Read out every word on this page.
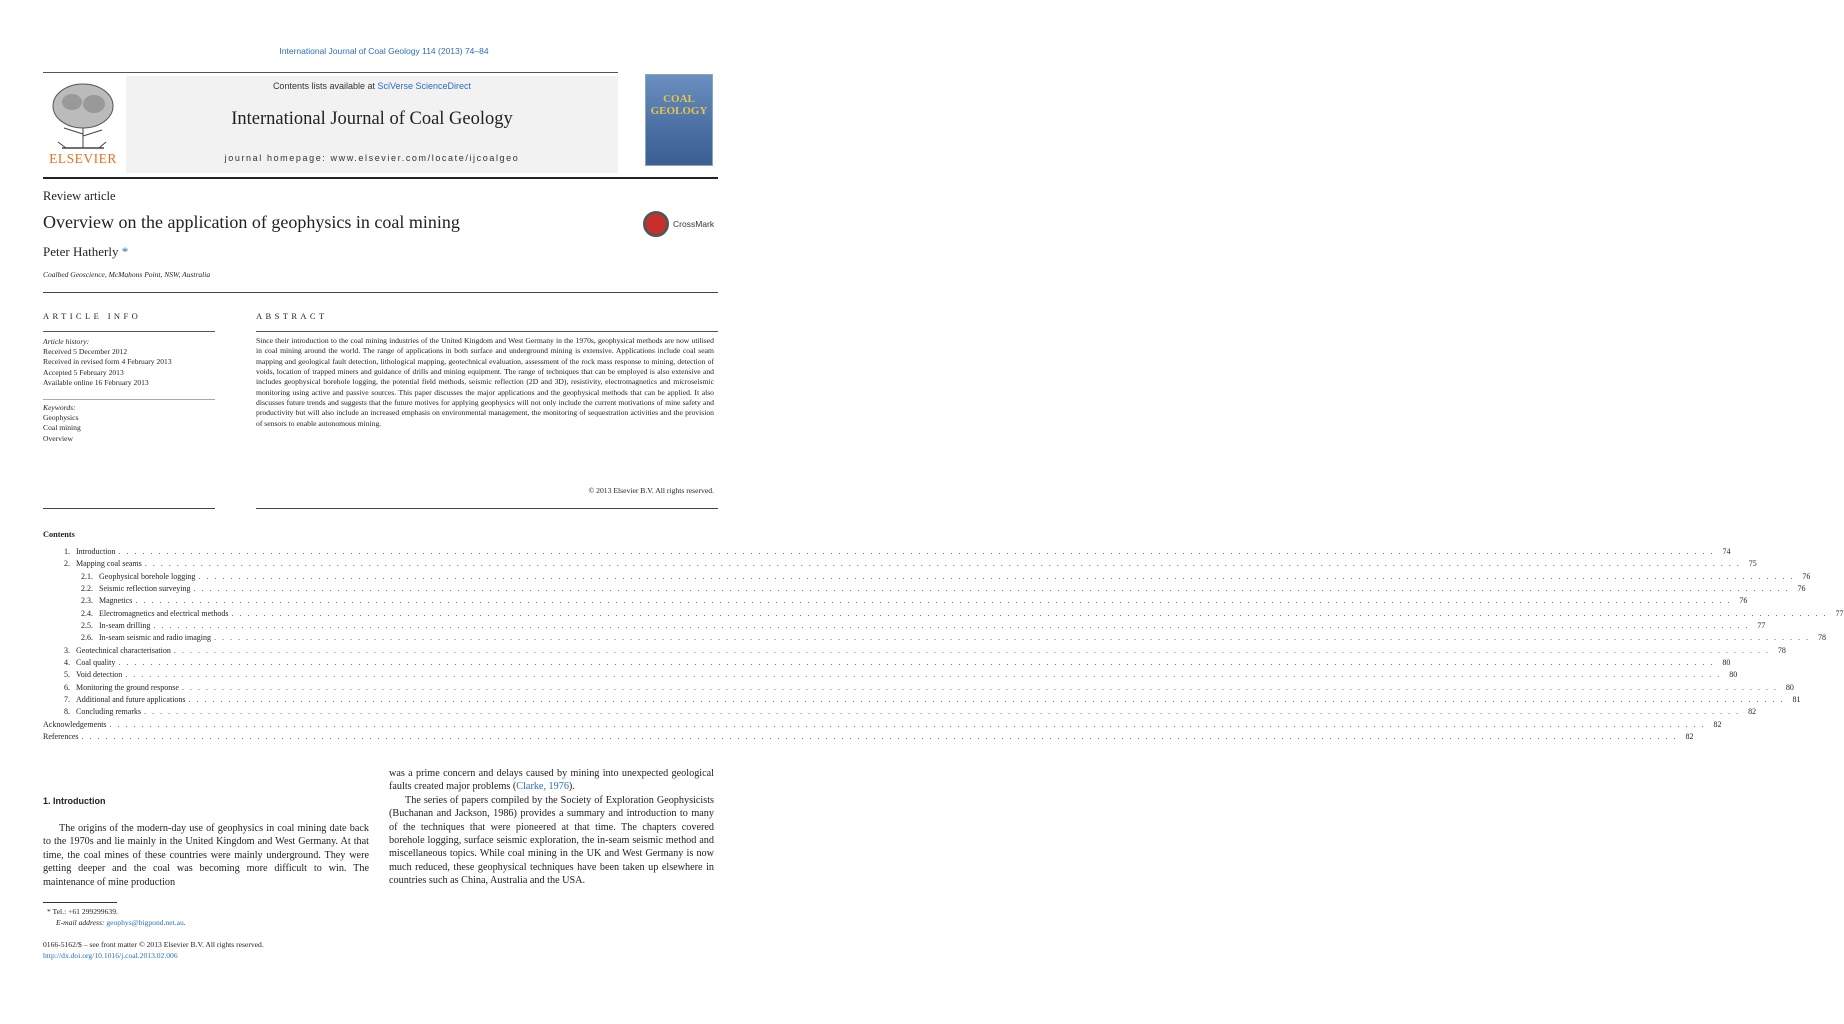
International Journal of Coal Geology 114 (2013) 74–84
Contents lists available at SciVerse ScienceDirect
International Journal of Coal Geology
journal homepage: www.elsevier.com/locate/ijcoalgeo
ELSEVIER
COAL GEOLOGY
Review article
Overview on the application of geophysics in coal mining
Peter Hatherly *
Coalbed Geoscience, McMahons Point, NSW, Australia
CrossMark
ARTICLE INFO	ABSTRACT
Article history:
Received 5 December 2012
Received in revised form 4 February 2013
Accepted 5 February 2013
Available online 16 February 2013
Keywords:
Geophysics
Coal mining
Overview
Since their introduction to the coal mining industries of the United Kingdom and West Germany in the 1970s, geophysical methods are now utilised in coal mining around the world. The range of applications in both surface and underground mining is extensive. Applications include coal seam mapping and geological fault detection, lithological mapping, geotechnical evaluation, assessment of the rock mass response to mining, detection of voids, location of trapped miners and guidance of drills and mining equipment. The range of techniques that can be employed is also extensive and includes geophysical borehole logging, the potential field methods, seismic reflection (2D and 3D), resistivity, electromagnetics and microseismic monitoring using active and passive sources. This paper discusses the major applications and the geophysical methods that can be applied. It also discusses future trends and suggests that the future motives for applying geophysics will not only include the current motivations of mine safety and productivity but will also include an increased emphasis on environmental management, the monitoring of sequestration activities and the provision of sensors to enable autonomous mining.
© 2013 Elsevier B.V. All rights reserved.
Contents
1. Introduction . . . . . . . . . . . . . . . . . . . . . . . . . . . . . . . . . . . . . . . . . . . . . . . . . . . . . . . . . . . . . . . . . . . . . . . . . . . . . . . . . . . . . . . . . . . . . . . . . . . . . . . . . . . . . . . . . . . . . . . . . . . . . . . . . . . . . . . . . . . . . . . . . . . . . . . . . . . . . . . . . . . . . . . . . . . . . . . . . . . . . . . . . . . . . . . . . . . . . . . .	74
2. Mapping coal seams . . . . . . . . . . . . . . . . . . . . . . . . . . . . . . . . . . . . . . . . . . . . . . . . . . . . . . . . . . . . . . . . . . . . . . . . . . . . . . . . . . . . . . . . . . . . . . . . . . . . . . . . . . . . . . . . . . . . . . . . . . . . . . . . . . . . . . . . . . . . . . . . . . . . . . . . . . . . . . . . . . . . . . . . . . . . . . . . . . . . . . . . . . . . . . . . . . . . . . . .	75
2.1. Geophysical borehole logging . . . . . . . . . . . . . . . . . . . . . . . . . . . . . . . . . . . . . . . . . . . . . . . . . . . . . . . . . . . . . . . . . . . . . . . . . . . . . . . . . . . . . . . . . . . . . . . . . . . . . . . . . . . . . . . . . . . . . . . . . . . . . . . . . . . . . . . . . . . . . . . . . . . . . . . . . . . . . . . . . . . . . . . . . . . . . . . . . . . . . . . . . . . . . . . . . . . . . . . .	76
2.2. Seismic reflection surveying . . . . . . . . . . . . . . . . . . . . . . . . . . . . . . . . . . . . . . . . . . . . . . . . . . . . . . . . . . . . . . . . . . . . . . . . . . . . . . . . . . . . . . . . . . . . . . . . . . . . . . . . . . . . . . . . . . . . . . . . . . . . . . . . . . . . . . . . . . . . . . . . . . . . . . . . . . . . . . . . . . . . . . . . . . . . . . . . . . . . . . . . . . . . . . . . . . . . . . . .	76
2.3. Magnetics . . . . . . . . . . . . . . . . . . . . . . . . . . . . . . . . . . . . . . . . . . . . . . . . . . . . . . . . . . . . . . . . . . . . . . . . . . . . . . . . . . . . . . . . . . . . . . . . . . . . . . . . . . . . . . . . . . . . . . . . . . . . . . . . . . . . . . . . . . . . . . . . . . . . . . . . . . . . . . . . . . . . . . . . . . . . . . . . . . . . . . . . . . . . . . . . . . . . . . . .	76
2.4. Electromagnetics and electrical methods . . . . . . . . . . . . . . . . . . . . . . . . . . . . . . . . . . . . . . . . . . . . . . . . . . . . . . . . . . . . . . . . . . . . . . . . . . . . . . . . . . . . . . . . . . . . . . . . . . . . . . . . . . . . . . . . . . . . . . . . . . . . . . . . . . . . . . . . . . . . . . . . . . . . . . . . . . . . . . . . . . . . . . . . . . . . . . . . . . . . . . . . . . . . . . . . . . . . . . . .	77
2.5. In-seam drilling . . . . . . . . . . . . . . . . . . . . . . . . . . . . . . . . . . . . . . . . . . . . . . . . . . . . . . . . . . . . . . . . . . . . . . . . . . . . . . . . . . . . . . . . . . . . . . . . . . . . . . . . . . . . . . . . . . . . . . . . . . . . . . . . . . . . . . . . . . . . . . . . . . . . . . . . . . . . . . . . . . . . . . . . . . . . . . . . . . . . . . . . . . . . . . . . . . . . . . . .	77
2.6. In-seam seismic and radio imaging . . . . . . . . . . . . . . . . . . . . . . . . . . . . . . . . . . . . . . . . . . . . . . . . . . . . . . . . . . . . . . . . . . . . . . . . . . . . . . . . . . . . . . . . . . . . . . . . . . . . . . . . . . . . . . . . . . . . . . . . . . . . . . . . . . . . . . . . . . . . . . . . . . . . . . . . . . . . . . . . . . . . . . . . . . . . . . . . . . . . . . . . . . . . . . . . . . . . . . . .	78
3. Geotechnical characterisation . . . . . . . . . . . . . . . . . . . . . . . . . . . . . . . . . . . . . . . . . . . . . . . . . . . . . . . . . . . . . . . . . . . . . . . . . . . . . . . . . . . . . . . . . . . . . . . . . . . . . . . . . . . . . . . . . . . . . . . . . . . . . . . . . . . . . . . . . . . . . . . . . . . . . . . . . . . . . . . . . . . . . . . . . . . . . . . . . . . . . . . . . . . . . . . . . . . . . . . .	78
4. Coal quality . . . . . . . . . . . . . . . . . . . . . . . . . . . . . . . . . . . . . . . . . . . . . . . . . . . . . . . . . . . . . . . . . . . . . . . . . . . . . . . . . . . . . . . . . . . . . . . . . . . . . . . . . . . . . . . . . . . . . . . . . . . . . . . . . . . . . . . . . . . . . . . . . . . . . . . . . . . . . . . . . . . . . . . . . . . . . . . . . . . . . . . . . . . . . . . . . . . . . . . .	80
5. Void detection . . . . . . . . . . . . . . . . . . . . . . . . . . . . . . . . . . . . . . . . . . . . . . . . . . . . . . . . . . . . . . . . . . . . . . . . . . . . . . . . . . . . . . . . . . . . . . . . . . . . . . . . . . . . . . . . . . . . . . . . . . . . . . . . . . . . . . . . . . . . . . . . . . . . . . . . . . . . . . . . . . . . . . . . . . . . . . . . . . . . . . . . . . . . . . . . . . . . . . . .	80
6. Monitoring the ground response . . . . . . . . . . . . . . . . . . . . . . . . . . . . . . . . . . . . . . . . . . . . . . . . . . . . . . . . . . . . . . . . . . . . . . . . . . . . . . . . . . . . . . . . . . . . . . . . . . . . . . . . . . . . . . . . . . . . . . . . . . . . . . . . . . . . . . . . . . . . . . . . . . . . . . . . . . . . . . . . . . . . . . . . . . . . . . . . . . . . . . . . . . . . . . . . . . . . . . . .	80
7. Additional and future applications . . . . . . . . . . . . . . . . . . . . . . . . . . . . . . . . . . . . . . . . . . . . . . . . . . . . . . . . . . . . . . . . . . . . . . . . . . . . . . . . . . . . . . . . . . . . . . . . . . . . . . . . . . . . . . . . . . . . . . . . . . . . . . . . . . . . . . . . . . . . . . . . . . . . . . . . . . . . . . . . . . . . . . . . . . . . . . . . . . . . . . . . . . . . . . . . . . . . . . . .	81
8. Concluding remarks . . . . . . . . . . . . . . . . . . . . . . . . . . . . . . . . . . . . . . . . . . . . . . . . . . . . . . . . . . . . . . . . . . . . . . . . . . . . . . . . . . . . . . . . . . . . . . . . . . . . . . . . . . . . . . . . . . . . . . . . . . . . . . . . . . . . . . . . . . . . . . . . . . . . . . . . . . . . . . . . . . . . . . . . . . . . . . . . . . . . . . . . . . . . . . . . . . . . . . . .	82
Acknowledgements . . . . . . . . . . . . . . . . . . . . . . . . . . . . . . . . . . . . . . . . . . . . . . . . . . . . . . . . . . . . . . . . . . . . . . . . . . . . . . . . . . . . . . . . . . . . . . . . . . . . . . . . . . . . . . . . . . . . . . . . . . . . . . . . . . . . . . . . . . . . . . . . . . . . . . . . . . . . . . . . . . . . . . . . . . . . . . . . . . . . . . . . . . . . . . . . . . . . . . . .	82
References . . . . . . . . . . . . . . . . . . . . . . . . . . . . . . . . . . . . . . . . . . . . . . . . . . . . . . . . . . . . . . . . . . . . . . . . . . . . . . . . . . . . . . . . . . . . . . . . . . . . . . . . . . . . . . . . . . . . . . . . . . . . . . . . . . . . . . . . . . . . . . . . . . . . . . . . . . . . . . . . . . . . . . . . . . . . . . . . . . . . . . . . . . . . . . . . . . . . . . . .	82
1. Introduction
The origins of the modern-day use of geophysics in coal mining date back to the 1970s and lie mainly in the United Kingdom and West Germany. At that time, the coal mines of these countries were mainly underground. They were getting deeper and the coal was becoming more difficult to win. The maintenance of mine production

was a prime concern and delays caused by mining into unexpected geological faults created major problems (Clarke, 1976).

The series of papers compiled by the Society of Exploration Geophysicists (Buchanan and Jackson, 1986) provides a summary and introduction to many of the techniques that were pioneered at that time. The chapters covered borehole logging, surface seismic exploration, the in-seam seismic method and miscellaneous topics. While coal mining in the UK and West Germany is now much reduced, these geophysical techniques have been taken up elsewhere in countries such as China, Australia and the USA.

* Tel.: +61 299299639.
E-mail address: geophys@bigpond.net.au.
0166-5162/$ – see front matter © 2013 Elsevier B.V. All rights reserved.
http://dx.doi.org/10.1016/j.coal.2013.02.006
